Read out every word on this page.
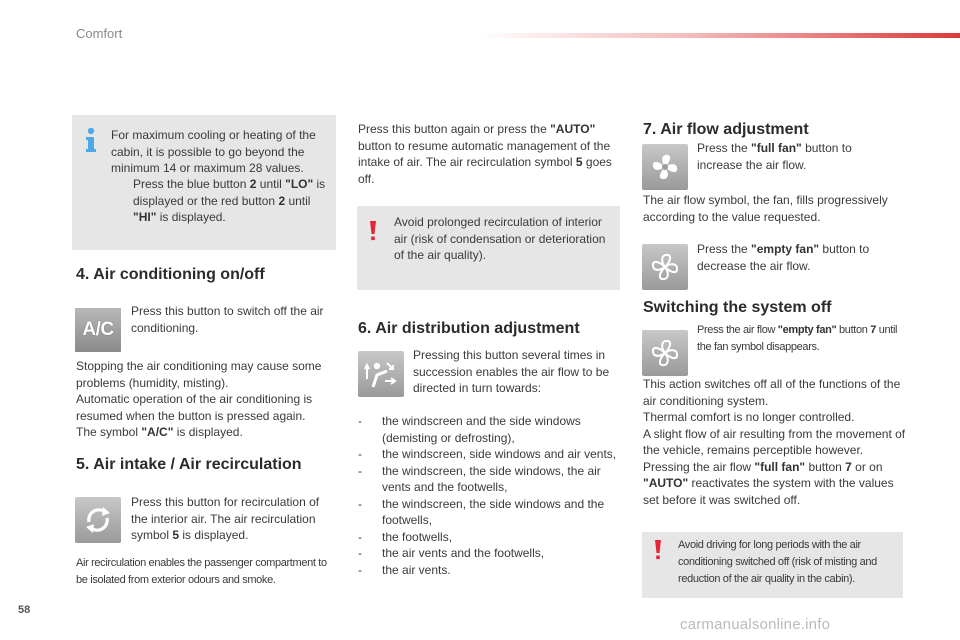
Comfort
For maximum cooling or heating of the cabin, it is possible to go beyond the minimum 14 or maximum 28 values.
Press the blue button 2 until "LO" is displayed or the red button 2 until "HI" is displayed.
4. Air conditioning on/off
A/C
Press this button to switch off the air conditioning.
Stopping the air conditioning may cause some problems (humidity, misting).
Automatic operation of the air conditioning is resumed when the button is pressed again.
The symbol "A/C" is displayed.
5. Air intake / Air recirculation
Press this button for recirculation of the interior air. The air recirculation symbol 5 is displayed.
Air recirculation enables the passenger compartment to be isolated from exterior odours and smoke.
Press this button again or press the "AUTO" button to resume automatic management of the intake of air. The air recirculation symbol 5 goes off.
Avoid prolonged recirculation of interior air (risk of condensation or deterioration of the air quality).
6. Air distribution adjustment
Pressing this button several times in succession enables the air flow to be directed in turn towards:
-	the windscreen and the side windows (demisting or defrosting),
-	the windscreen, side windows and air vents,
-	the windscreen, the side windows, the air vents and the footwells,
-	the windscreen, the side windows and the footwells,
-	the footwells,
-	the air vents and the footwells,
-	the air vents.
7. Air flow adjustment
Press the "full fan" button to increase the air flow.
The air flow symbol, the fan, fills progressively according to the value requested.
Press the "empty fan" button to decrease the air flow.
Switching the system off
Press the air flow "empty fan" button 7 until the fan symbol disappears.
This action switches off all of the functions of the air conditioning system.
Thermal comfort is no longer controlled.
A slight flow of air resulting from the movement of the vehicle, remains perceptible however.
Pressing the air flow "full fan" button 7 or on "AUTO" reactivates the system with the values set before it was switched off.
Avoid driving for long periods with the air conditioning switched off (risk of misting and reduction of the air quality in the cabin).
58
carmanualsonline.info
